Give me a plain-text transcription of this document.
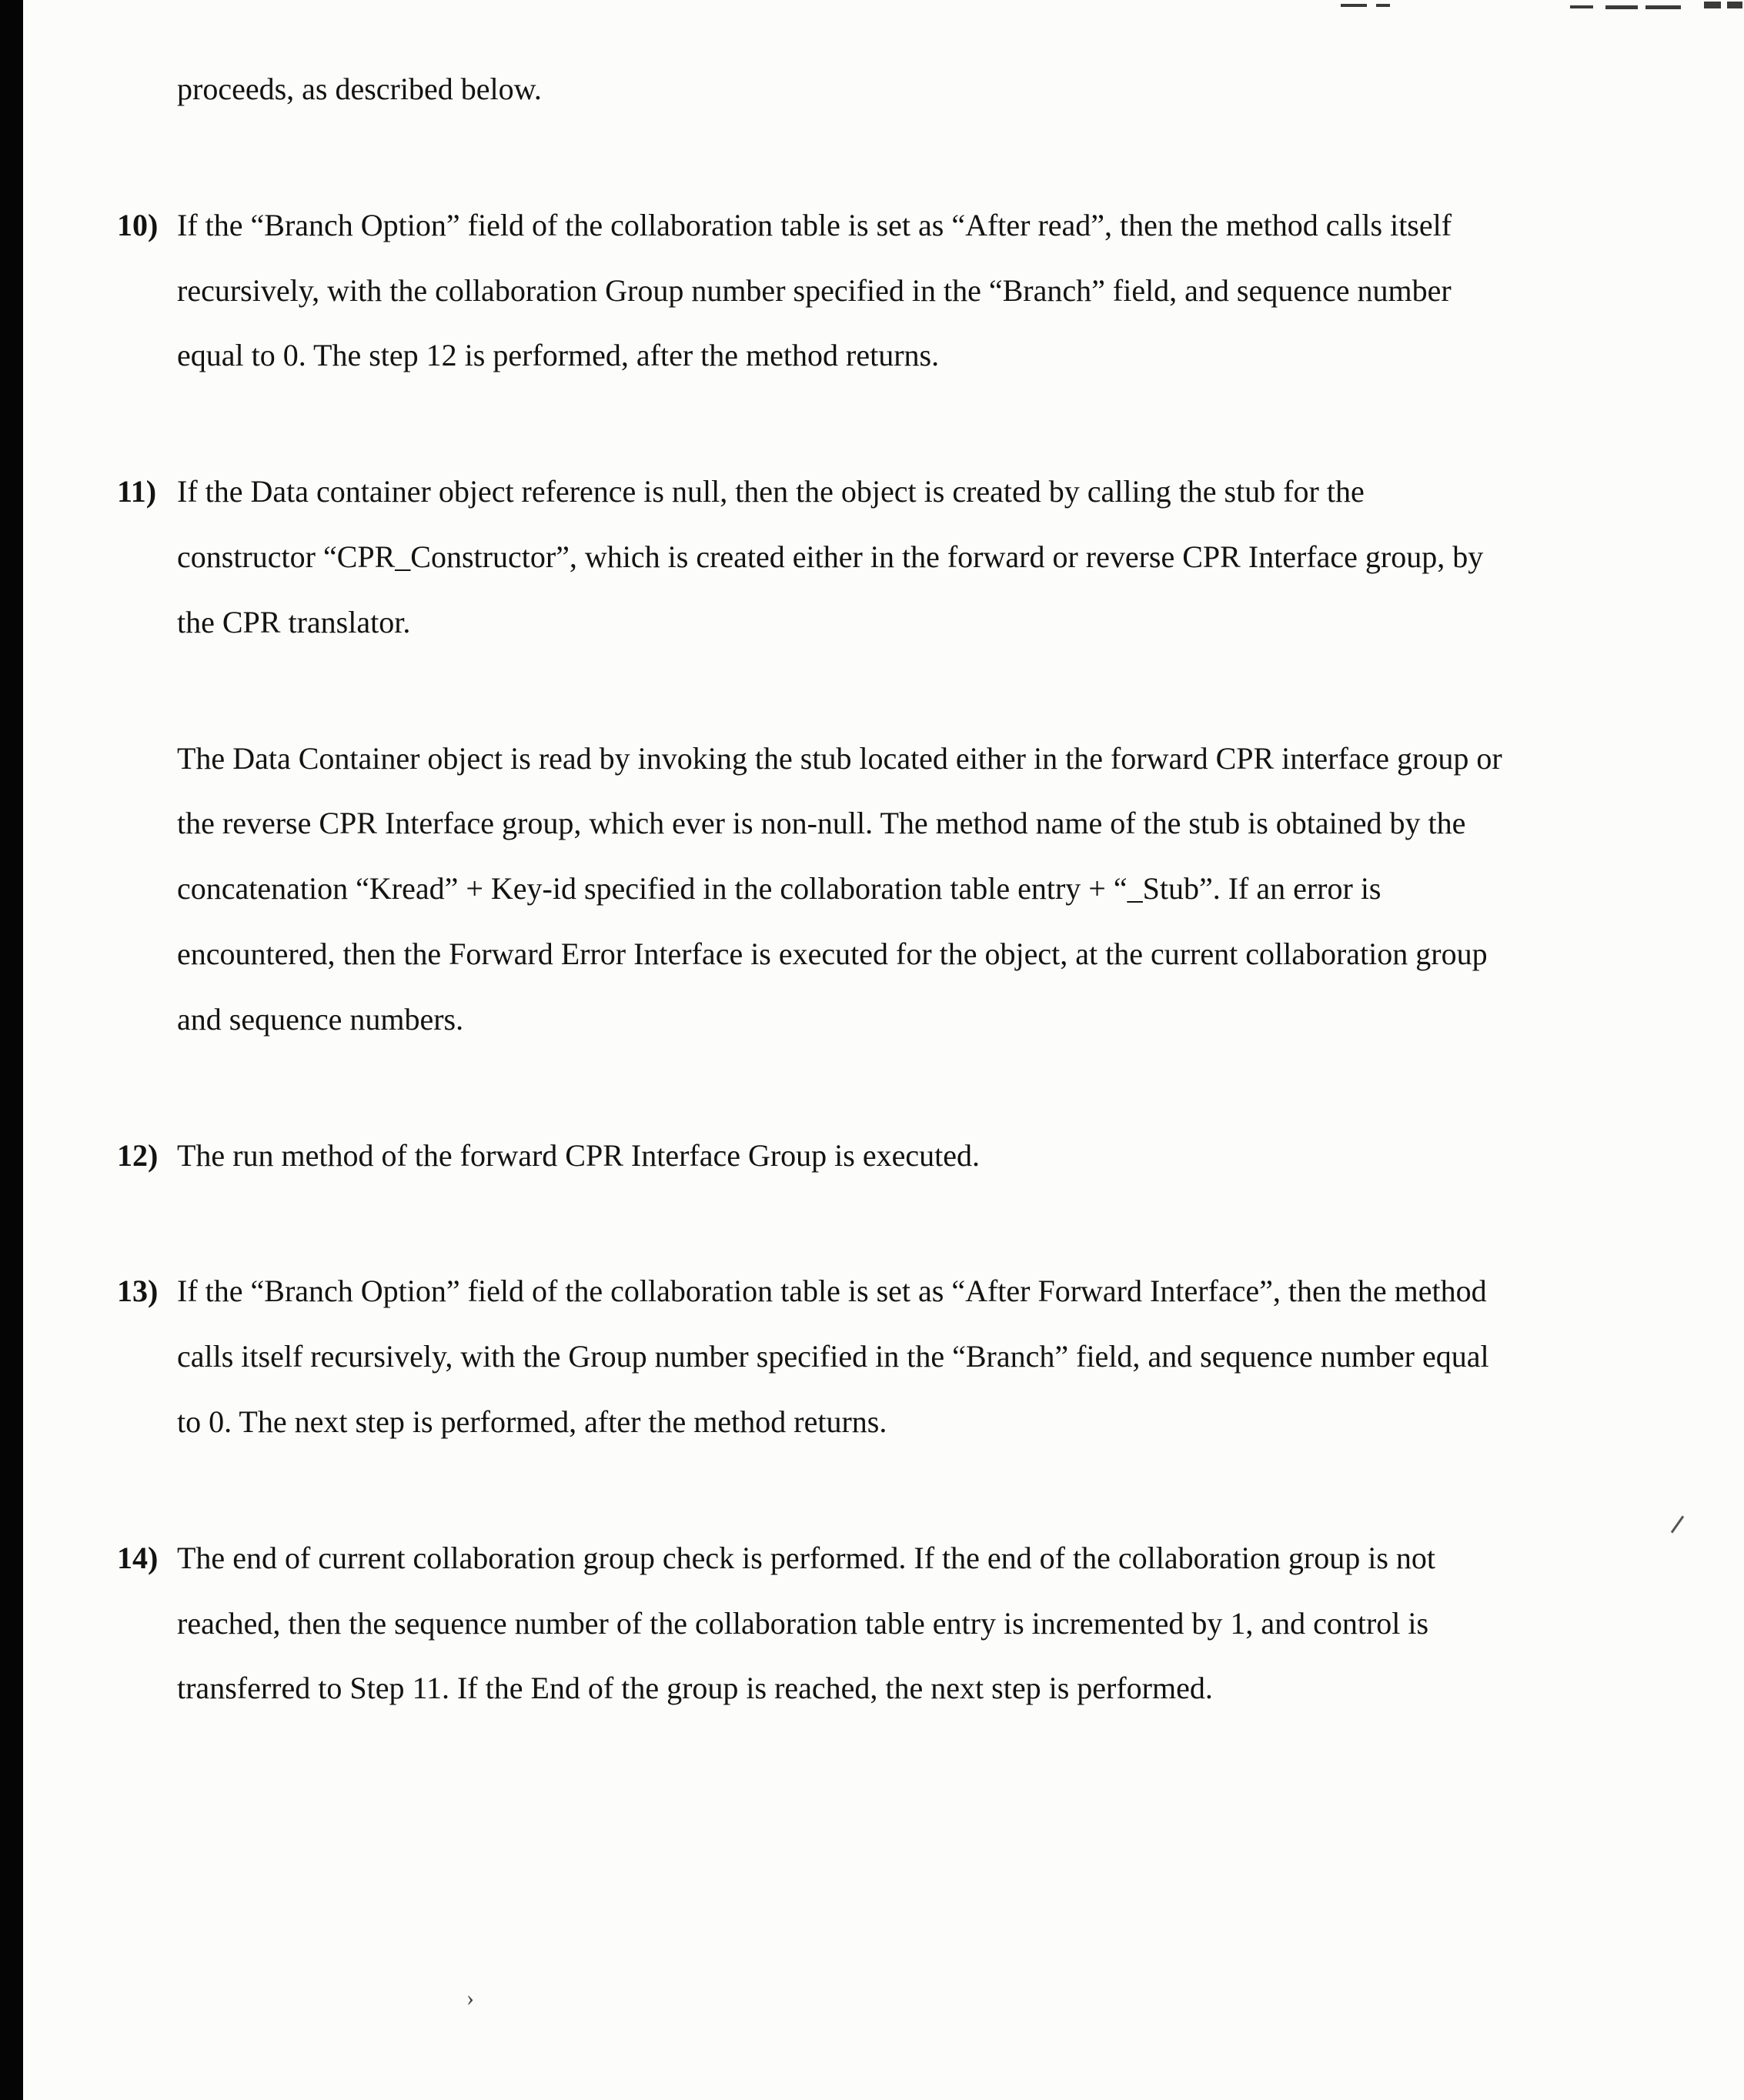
proceeds, as described below.

10) If the “Branch Option” field of the collaboration table is set as “After read”, then the method calls itself recursively, with the collaboration Group number specified in the “Branch” field, and sequence number equal to 0. The step 12 is performed, after the method returns.
11) If the Data container object reference is null, then the object is created by calling the stub for the constructor “CPR_Constructor”, which is created either in the forward or reverse CPR Interface group, by the CPR translator.
The Data Container object is read by invoking the stub located either in the forward CPR interface group or the reverse CPR Interface group, which ever is non-null. The method name of the stub is obtained by the concatenation “Kread” + Key-id specified in the collaboration table entry + “_Stub”. If an error is encountered, then the Forward Error Interface is executed for the object, at the current collaboration group and sequence numbers.
12) The run method of the forward CPR Interface Group is executed.
13) If the “Branch Option” field of the collaboration table is set as “After Forward Interface”, then the method calls itself recursively, with the Group number specified in the “Branch” field, and sequence number equal to 0. The next step is performed, after the method returns.
14) The end of current collaboration group check is performed. If the end of the collaboration group is not reached, then the sequence number of the collaboration table entry is incremented by 1, and control is transferred to Step 11. If the End of the group is reached, the next step is performed.
›
